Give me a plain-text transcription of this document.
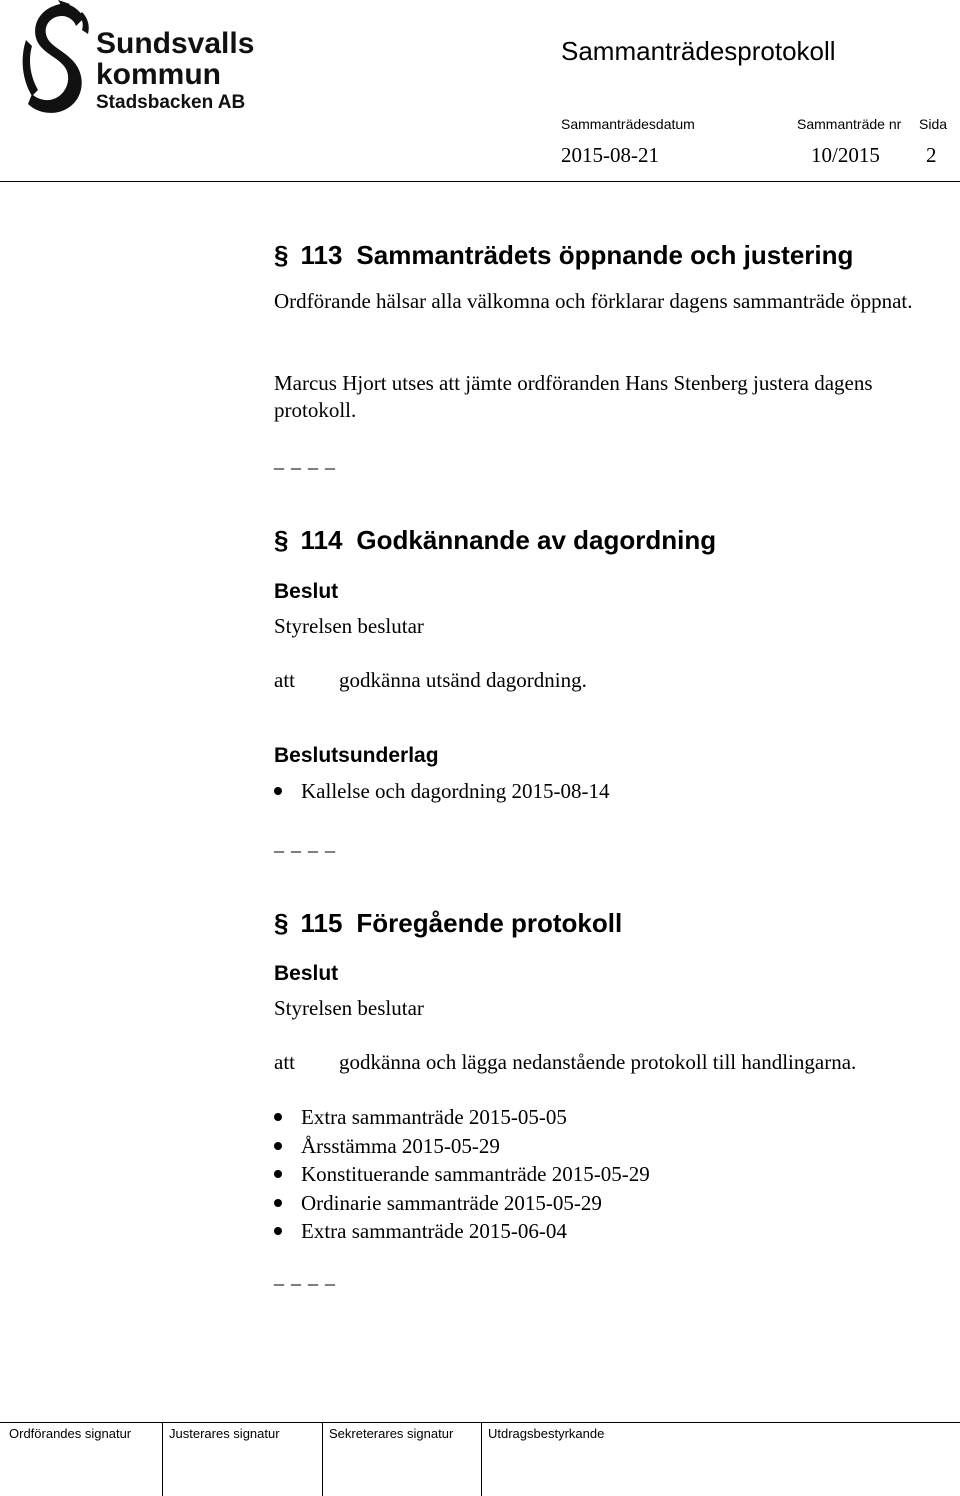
Sundsvalls
kommun
Stadsbacken AB
Sammanträdesprotokoll
Sammanträdesdatum	Sammanträde nr Sida
2015-08-21	10/2015 2
§ 113 Sammanträdets öppnande och justering
Ordförande hälsar alla välkomna och förklarar dagens sammanträde öppnat.
Marcus Hjort utses att jämte ordföranden Hans Stenberg justera dagens protokoll.
_ _ _ _
§ 114 Godkännande av dagordning
Beslut
Styrelsen beslutar
att godkänna utsänd dagordning.
Beslutsunderlag
Kallelse och dagordning 2015-08-14
_ _ _ _
§ 115 Föregående protokoll
Beslut
Styrelsen beslutar
att godkänna och lägga nedanstående protokoll till handlingarna.
Extra sammanträde 2015-05-05
Årsstämma 2015-05-29
Konstituerande sammanträde 2015-05-29
Ordinarie sammanträde 2015-05-29
Extra sammanträde 2015-06-04
_ _ _ _
Ordförandes signatur	Justerares signatur	Sekreterares signatur	Utdragsbestyrkande
